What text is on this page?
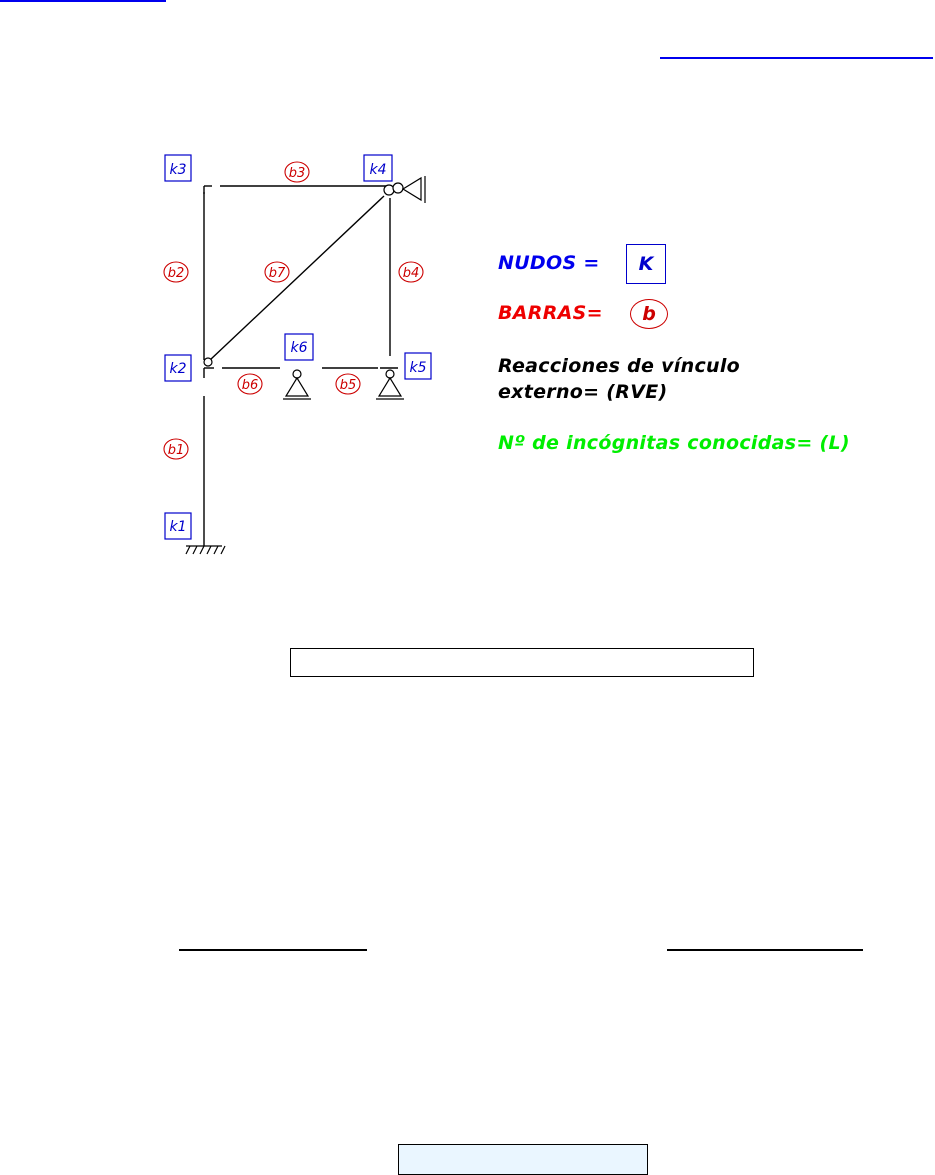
k3	k4
k6
k2	k5
k1
b3
b2	b7	b4
b6	b5
b1
NUDOS =	K
BARRAS=	b
Reacciones de vínculo
externo= (RVE)
Nº de incógnitas conocidas= (L)
